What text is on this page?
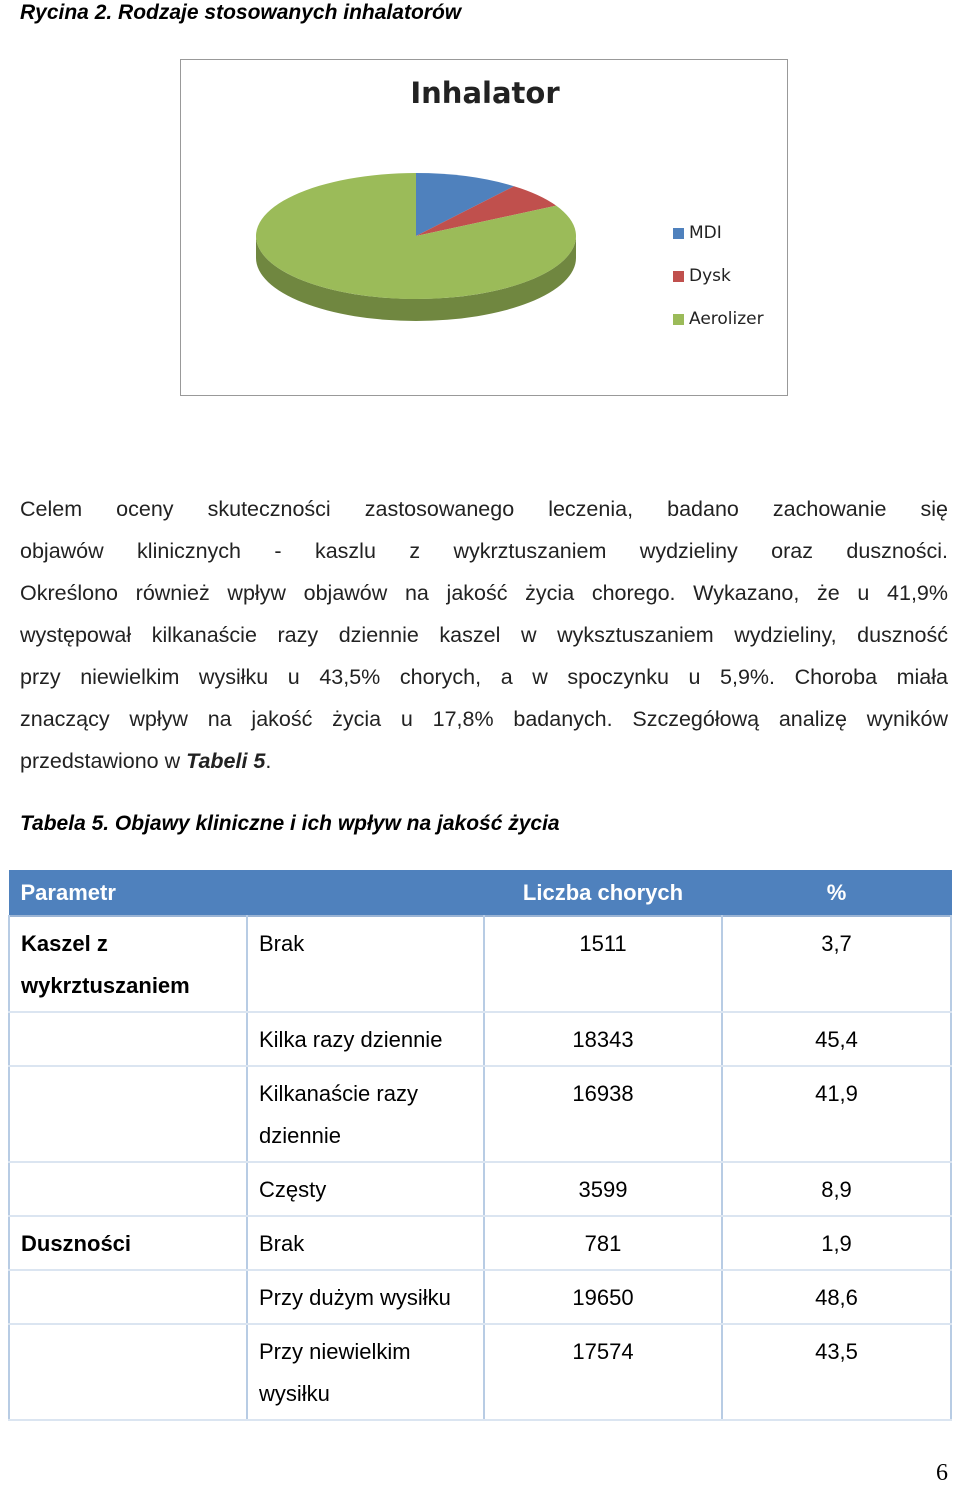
Rycina 2. Rodzaje stosowanych inhalatorów
Inhalator
MDI
Dysk
Aerolizer
Celem oceny skuteczności zastosowanego leczenia, badano zachowanie się
objawów klinicznych - kaszlu z wykrztuszaniem wydzieliny oraz duszności.
Określono również wpływ objawów na jakość życia chorego. Wykazano, że u 41,9%
występował kilkanaście razy dziennie kaszel w wyksztuszaniem wydzieliny, duszność
przy niewielkim wysiłku u 43,5% chorych, a w spoczynku u 5,9%. Choroba miała
znaczący wpływ na jakość życia u 17,8% badanych. Szczegółową analizę wyników
przedstawiono w Tabeli 5.
Tabela 5. Objawy kliniczne i ich wpływ na jakość życia
Parametr		Liczba chorych	%
Kaszel z wykrztuszaniem	Brak	1511	3,7
	Kilka razy dziennie	18343	45,4
	Kilkanaście razy dziennie	16938	41,9
	Częsty	3599	8,9
Duszności	Brak	781	1,9
	Przy dużym wysiłku	19650	48,6
	Przy niewielkim wysiłku	17574	43,5
6
